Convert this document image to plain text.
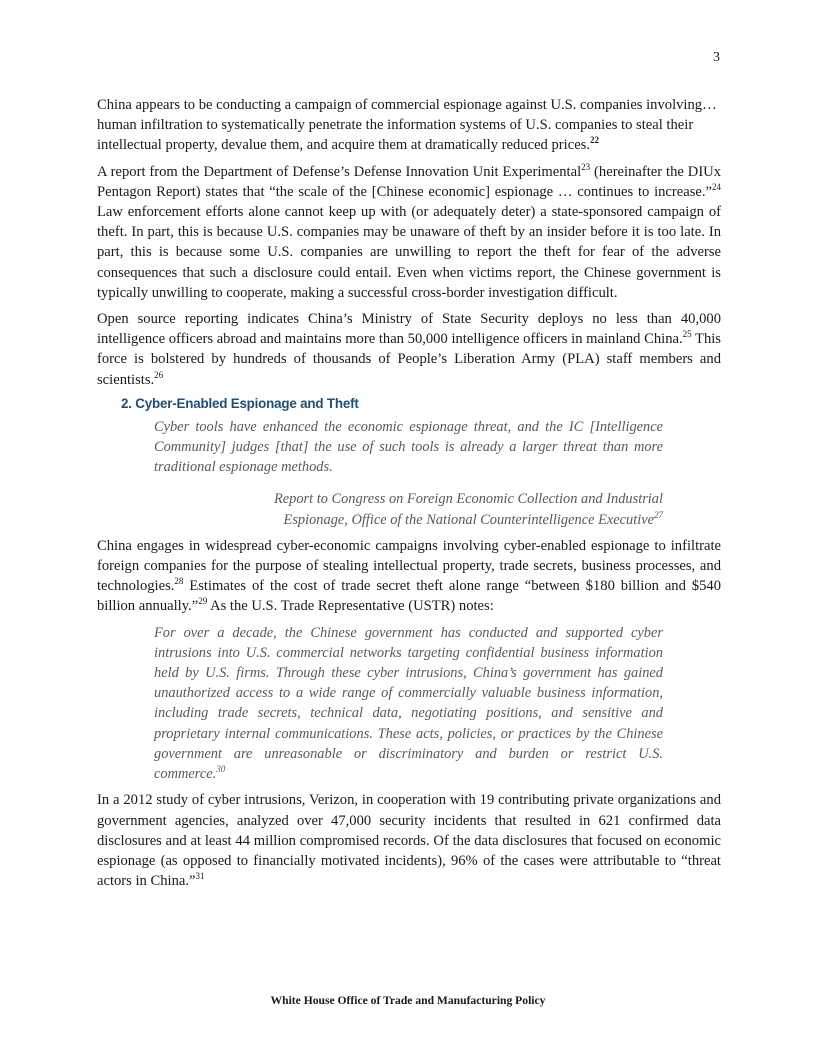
3

China appears to be conducting a campaign of commercial espionage against U.S. companies involving…human infiltration to systematically penetrate the information systems of U.S. companies to steal their intellectual property, devalue them, and acquire them at dramatically reduced prices.$^{22}$

A report from the Department of Defense’s Defense Innovation Unit Experimental$^{23}$ (hereinafter the DIUx Pentagon Report) states that “the scale of the [Chinese economic] espionage … continues to increase.”$^{24}$ Law enforcement efforts alone cannot keep up with (or adequately deter) a state-sponsored campaign of theft. In part, this is because U.S. companies may be unaware of theft by an insider before it is too late. In part, this is because some U.S. companies are unwilling to report the theft for fear of the adverse consequences that such a disclosure could entail. Even when victims report, the Chinese government is typically unwilling to cooperate, making a successful cross-border investigation difficult.

Open source reporting indicates China’s Ministry of State Security deploys no less than 40,000 intelligence officers abroad and maintains more than 50,000 intelligence officers in mainland China.$^{25}$ This force is bolstered by hundreds of thousands of People’s Liberation Army (PLA) staff members and scientists.$^{26}$

2. Cyber-Enabled Espionage and Theft
Cyber tools have enhanced the economic espionage threat, and the IC [Intelligence Community] judges [that] the use of such tools is already a larger threat than more traditional espionage methods.
Report to Congress on Foreign Economic Collection and Industrial
Espionage, Office of the National Counterintelligence Executive$^{27}$

China engages in widespread cyber-economic campaigns involving cyber-enabled espionage to infiltrate foreign companies for the purpose of stealing intellectual property, trade secrets, business processes, and technologies.$^{28}$ Estimates of the cost of trade secret theft alone range “between $180 billion and $540 billion annually.”$^{29}$ As the U.S. Trade Representative (USTR) notes:

For over a decade, the Chinese government has conducted and supported cyber intrusions into U.S. commercial networks targeting confidential business information held by U.S. firms. Through these cyber intrusions, China’s government has gained unauthorized access to a wide range of commercially valuable business information, including trade secrets, technical data, negotiating positions, and sensitive and proprietary internal communications. These acts, policies, or practices by the Chinese government are unreasonable or discriminatory and burden or restrict U.S. commerce.$^{30}$

In a 2012 study of cyber intrusions, Verizon, in cooperation with 19 contributing private organizations and government agencies, analyzed over 47,000 security incidents that resulted in 621 confirmed data disclosures and at least 44 million compromised records. Of the data disclosures that focused on economic espionage (as opposed to financially motivated incidents), 96% of the cases were attributable to “threat actors in China.”$^{31}$

White House Office of Trade and Manufacturing Policy
